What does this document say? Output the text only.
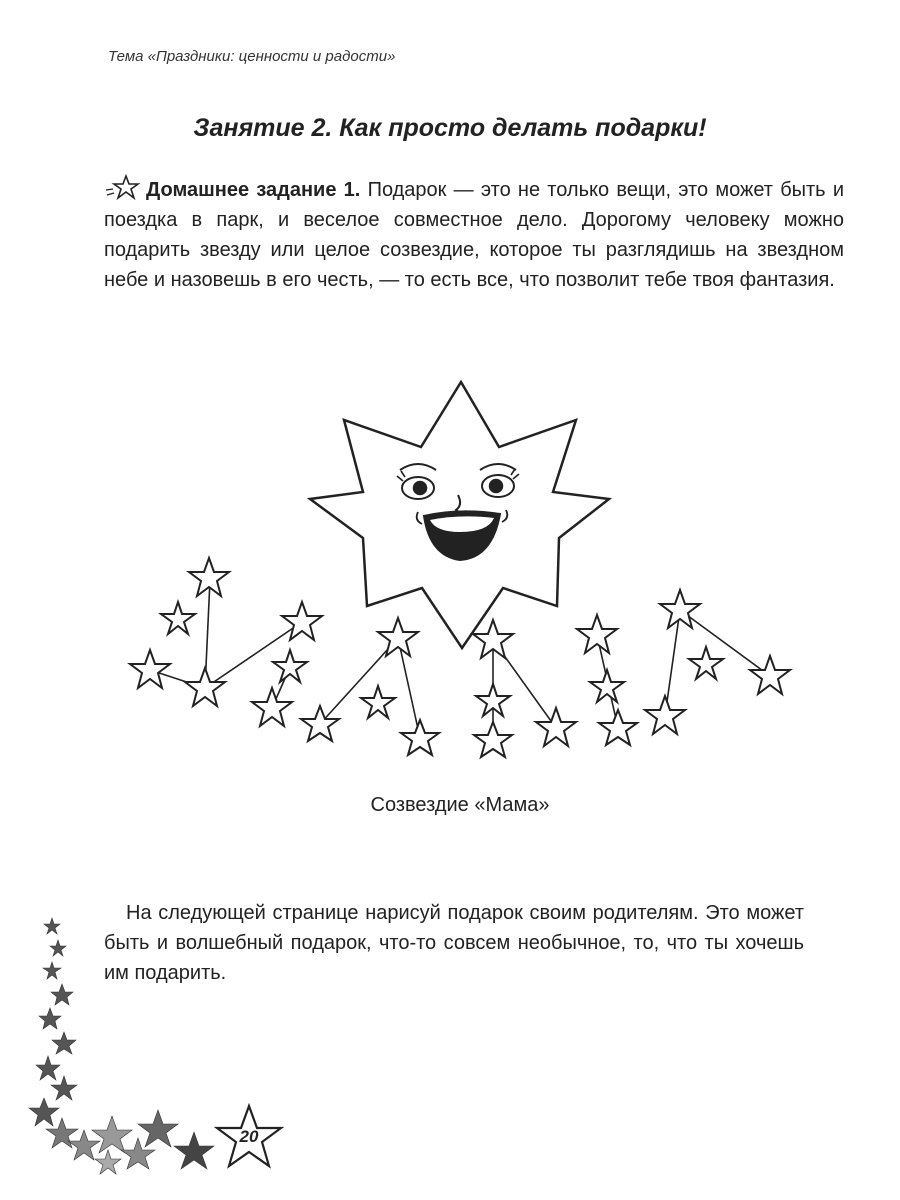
Тема «Праздники: ценности и радости»
Занятие 2. Как просто делать подарки!
Домашнее задание 1. Подарок — это не только вещи, это может быть и поездка в парк, и веселое совместное дело. Дорогому человеку можно подарить звезду или целое созвездие, которое ты разглядишь на звездном небе и назовешь в его честь, — то есть все, что позволит тебе твоя фантазия.
Созвездие «Мама»
На следующей странице нарисуй подарок своим родителям. Это может быть и волшебный подарок, что-то совсем необычное, то, что ты хочешь им подарить.
20
